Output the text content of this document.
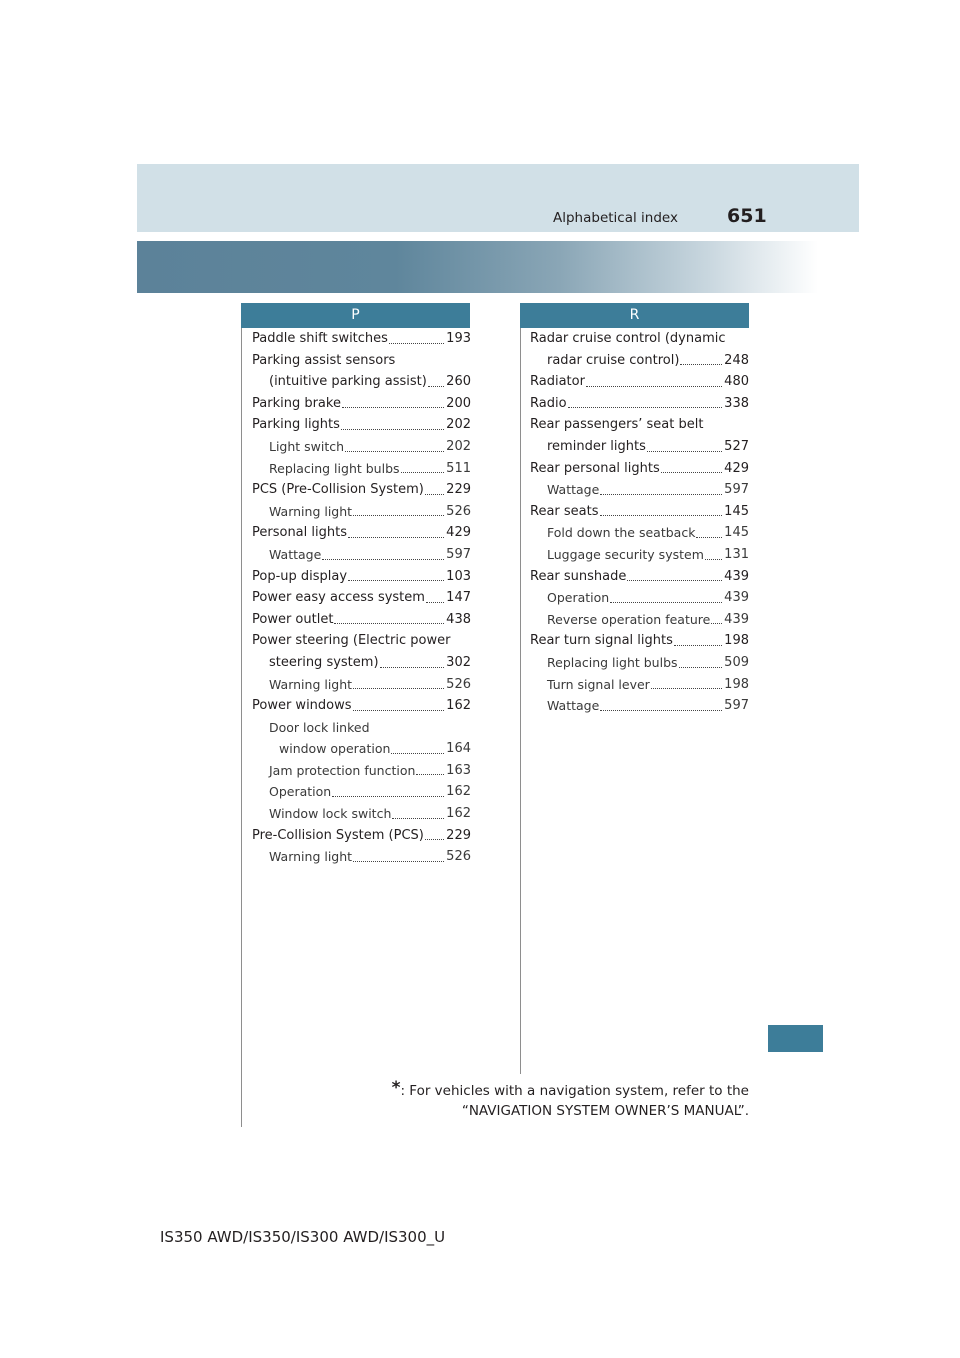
Alphabetical index	651
P	R
Paddle shift switches	193
Parking assist sensors
(intuitive parking assist) 260
Parking brake	200
Parking lights	202
Light switch	202
Replacing light bulbs	511
PCS (Pre-Collision System) 229
Warning light	526
Personal lights	429
Wattage	597
Pop-up display	103
Power easy access system 147
Power outlet	438
Power steering (Electric power
steering system)	302
Warning light	526
Power windows	162
Door lock linked
window operation	164
Jam protection function 163
Operation	162
Window lock switch	162
Pre-Collision System (PCS) 229
Warning light	526
Radar cruise control (dynamic
radar cruise control)	248
Radiator	480
Radio	338
Rear passengers’ seat belt
reminder lights	527
Rear personal lights	429
Wattage	597
Rear seats	145
Fold down the seatback 145
Luggage security system 131
Rear sunshade	439
Operation	439
Reverse operation feature 439
Rear turn signal lights	198
Replacing light bulbs	509
Turn signal lever	198
Wattage	597
*: For vehicles with a navigation system, refer to the
“NAVIGATION SYSTEM OWNER’S MANUAL”.
IS350 AWD/IS350/IS300 AWD/IS300_U
